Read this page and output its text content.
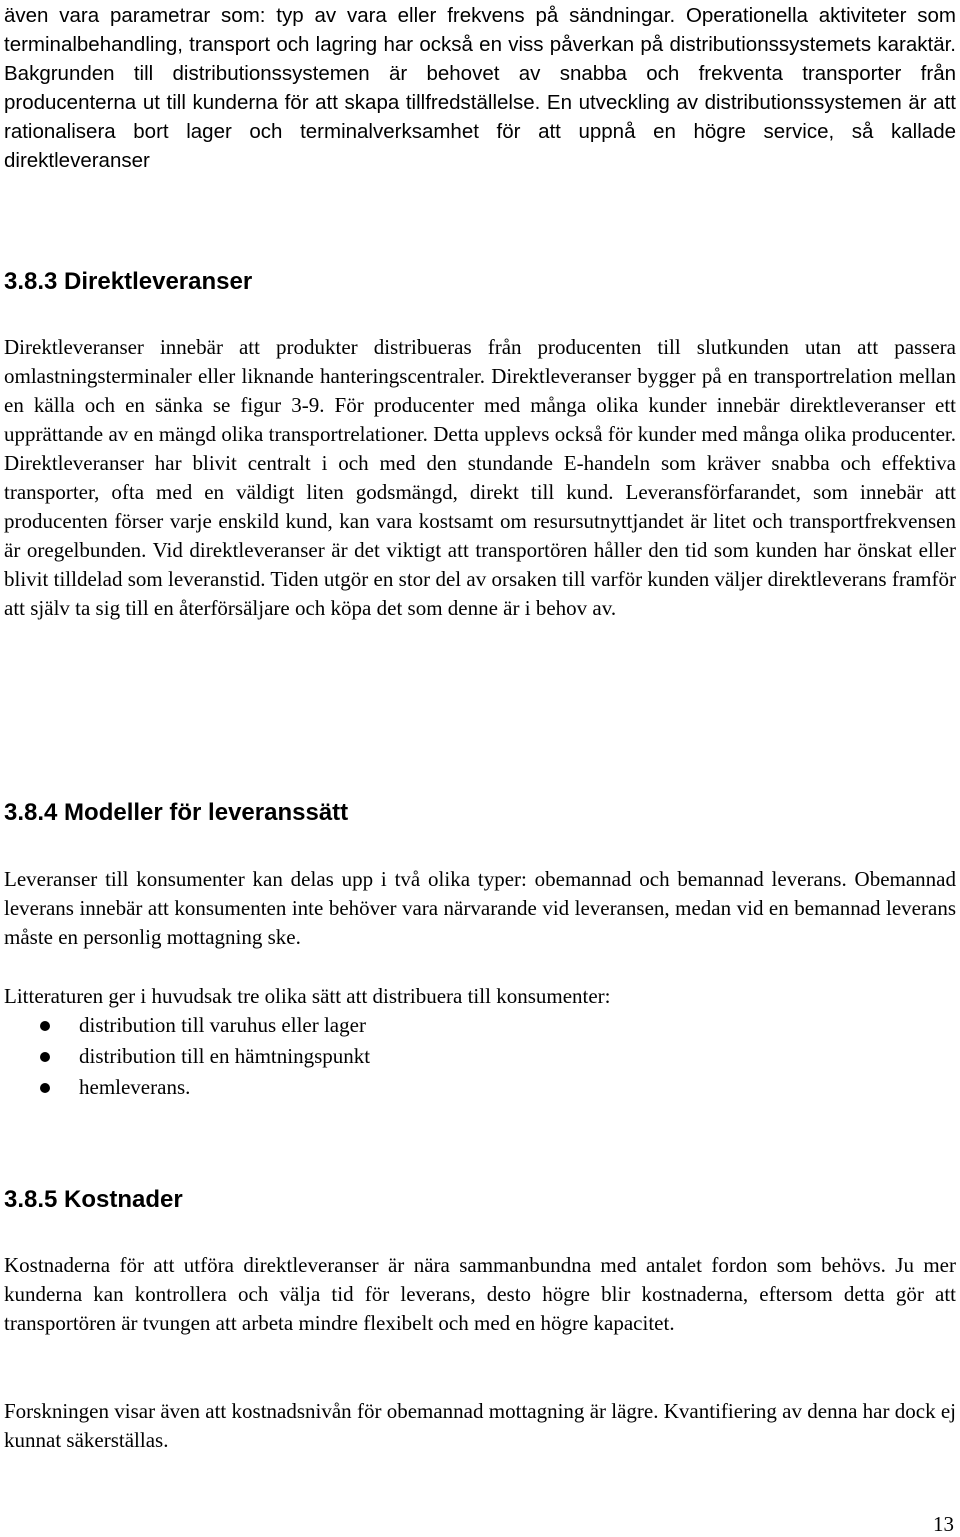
även vara parametrar som: typ av vara eller frekvens på sändningar. Operationella aktiviteter som terminalbehandling, transport och lagring har också en viss påverkan på distributionssystemets karaktär. Bakgrunden till distributionssystemen är behovet av snabba och frekventa transporter från producenterna ut till kunderna för att skapa tillfredställelse. En utveckling av distributionssystemen är att rationalisera bort lager och terminalverksamhet för att uppnå en högre service, så kallade direktleveranser

3.8.3 Direktleveranser

Direktleveranser innebär att produkter distribueras från producenten till slutkunden utan att passera omlastningsterminaler eller liknande hanteringscentraler. Direktleveranser bygger på en transportrelation mellan en källa och en sänka se figur 3-9. För producenter med många olika kunder innebär direktleveranser ett upprättande av en mängd olika transportrelationer. Detta upplevs också för kunder med många olika producenter. Direktleveranser har blivit centralt i och med den stundande E-handeln som kräver snabba och effektiva transporter, ofta med en väldigt liten godsmängd, direkt till kund. Leveransförfarandet, som innebär att producenten förser varje enskild kund, kan vara kostsamt om resursutnyttjandet är litet och transportfrekvensen är oregelbunden. Vid direktleveranser är det viktigt att transportören håller den tid som kunden har önskat eller blivit tilldelad som leveranstid. Tiden utgör en stor del av orsaken till varför kunden väljer direktleverans framför att själv ta sig till en återförsäljare och köpa det som denne är i behov av.

3.8.4 Modeller för leveranssätt

Leveranser till konsumenter kan delas upp i två olika typer: obemannad och bemannad leverans. Obemannad leverans innebär att konsumenten inte behöver vara närvarande vid leveransen, medan vid en bemannad leverans måste en personlig mottagning ske.

Litteraturen ger i huvudsak tre olika sätt att distribuera till konsumenter:

distribution till varuhus eller lager
distribution till en hämtningspunkt
hemleverans.
3.8.5 Kostnader

Kostnaderna för att utföra direktleveranser är nära sammanbundna med antalet fordon som behövs. Ju mer kunderna kan kontrollera och välja tid för leverans, desto högre blir kostnaderna, eftersom detta gör att transportören är tvungen att arbeta mindre flexibelt och med en högre kapacitet.

Forskningen visar även att kostnadsnivån för obemannad mottagning är lägre. Kvantifiering av denna har dock ej kunnat säkerställas.

13
